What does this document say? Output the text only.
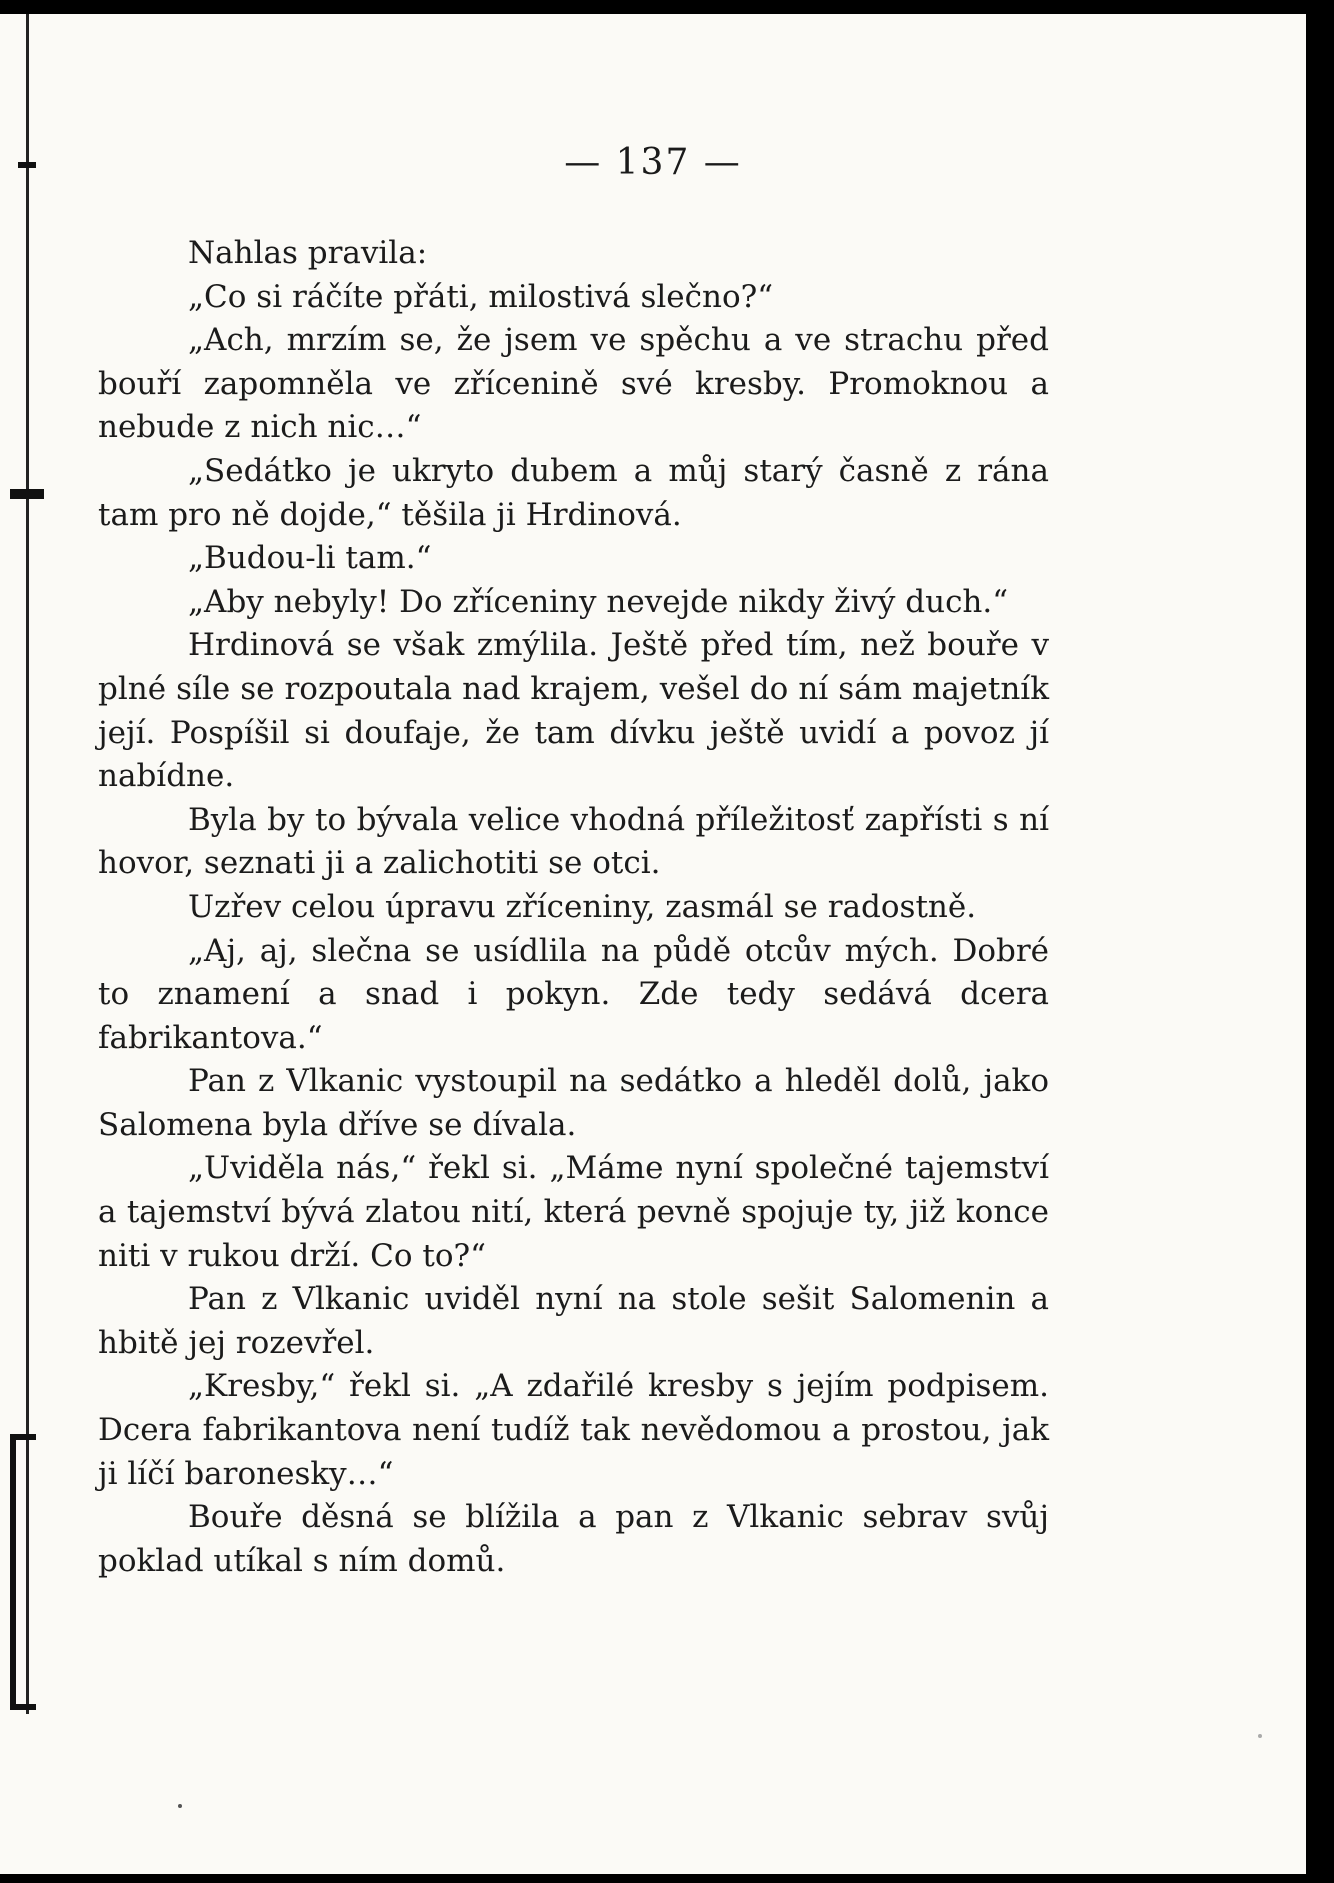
— 137 —

Nahlas pravila:

„Co si ráčíte přáti, milostivá slečno?“

„Ach, mrzím se, že jsem ve spěchu a ve strachu před bouří zapomněla ve zřícenině své kresby. Promoknou a nebude z nich nic…“

„Sedátko je ukryto dubem a můj starý časně z rána tam pro ně dojde,“ těšila ji Hrdinová.

„Budou-li tam.“

„Aby nebyly! Do zříceniny nevejde nikdy živý duch.“

Hrdinová se však zmýlila. Ještě před tím, než bouře v plné síle se rozpoutala nad krajem, vešel do ní sám majetník její. Pospíšil si doufaje, že tam dívku ještě uvidí a povoz jí nabídne.

Byla by to bývala velice vhodná příležitosť zapřísti s ní hovor, seznati ji a zalichotiti se otci.

Uzřev celou úpravu zříceniny, zasmál se radostně.

„Aj, aj, slečna se usídlila na půdě otcův mých. Dobré to znamení a snad i pokyn. Zde tedy sedává dcera fabrikantova.“

Pan z Vlkanic vystoupil na sedátko a hleděl dolů, jako Salomena byla dříve se dívala.

„Uviděla nás,“ řekl si. „Máme nyní společné tajemství a tajemství bývá zlatou nití, která pevně spojuje ty, již konce niti v rukou drží. Co to?“

Pan z Vlkanic uviděl nyní na stole sešit Salomenin a hbitě jej rozevřel.

„Kresby,“ řekl si. „A zdařilé kresby s jejím podpisem. Dcera fabrikantova není tudíž tak nevědomou a prostou, jak ji líčí baronesky…“

Bouře děsná se blížila a pan z Vlkanic sebrav svůj poklad utíkal s ním domů.
